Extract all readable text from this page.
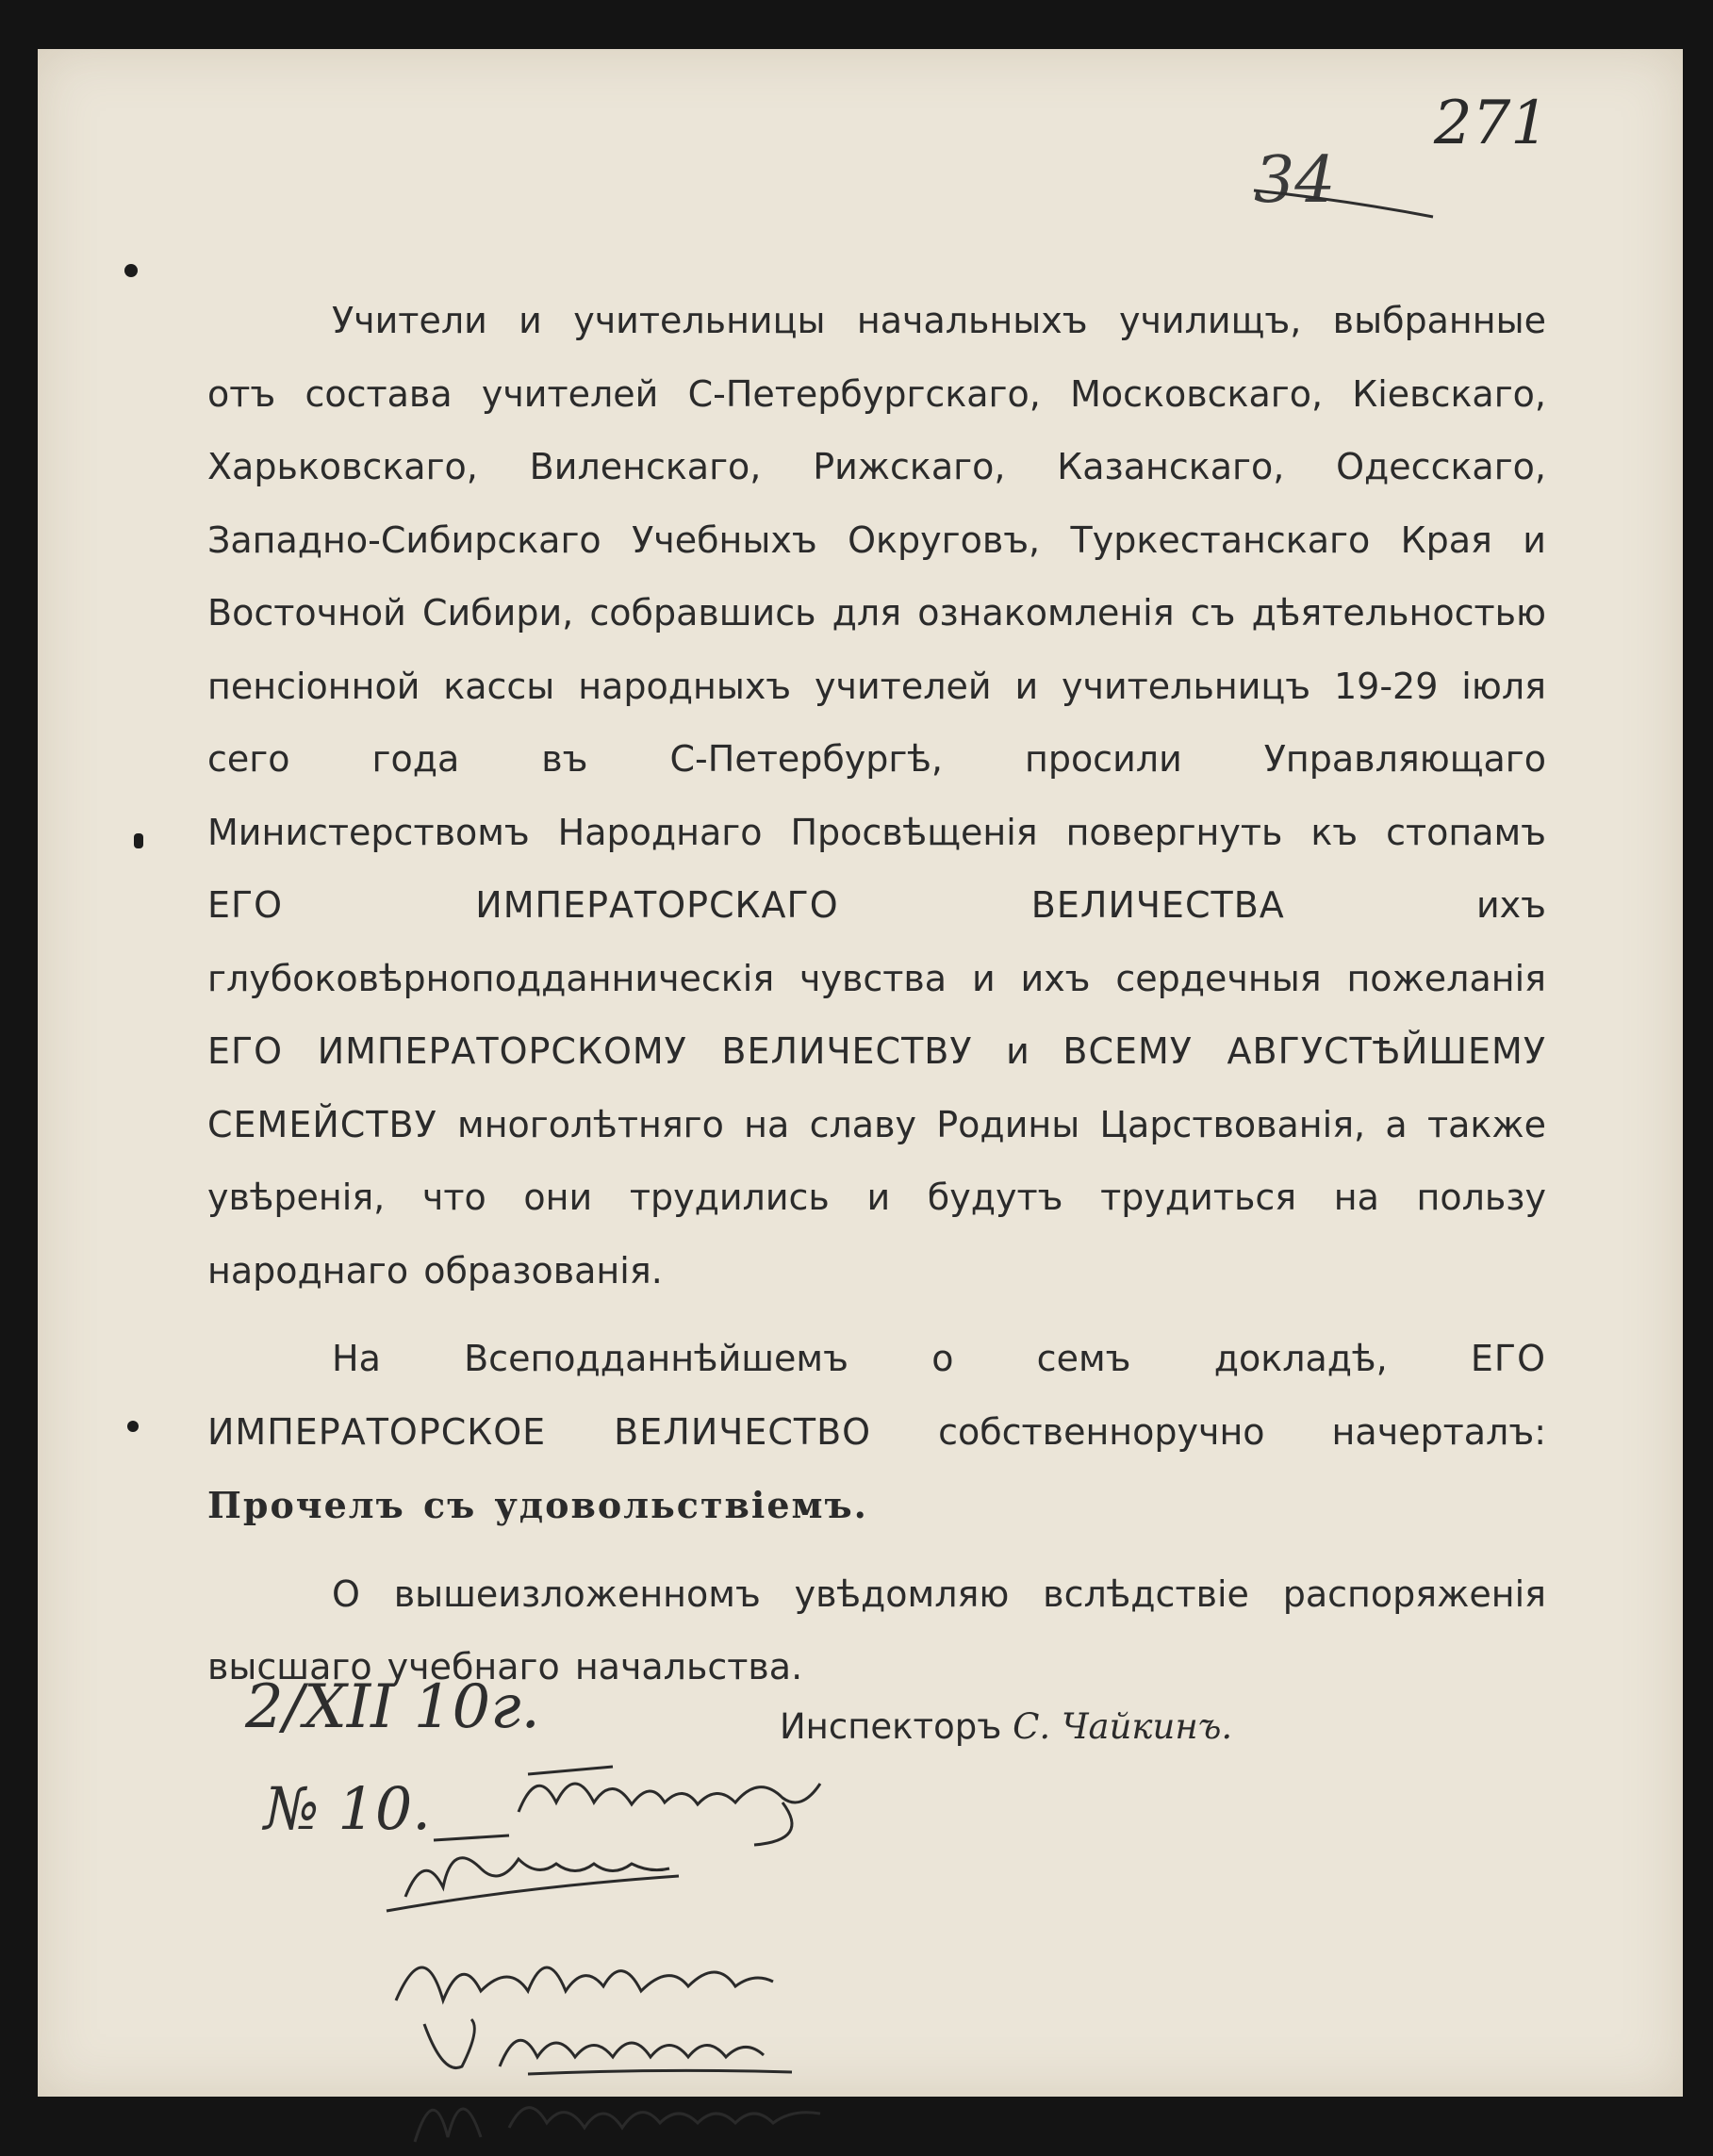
271
34

Учители и учительницы начальныхъ училищъ, выбранные отъ состава учителей С-Петербургскаго, Московскаго, Кіевскаго, Харьковскаго, Виленскаго, Рижскаго, Казанскаго, Одесскаго, Западно-Сибирскаго Учебныхъ Округовъ, Туркестанскаго Края и Восточной Сибири, собравшись для ознакомленія съ дѣятельностью пенсіонной кассы народныхъ учителей и учительницъ 19-29 іюля сего года въ С-Петербургѣ, просили Управляющаго Министерствомъ Народнаго Просвѣщенія повергнуть къ стопамъ ЕГО ИМПЕРАТОРСКАГО ВЕЛИЧЕСТВА ихъ глубоковѣрноподданническія чувства и ихъ сердечныя пожеланія ЕГО ИМПЕРАТОРСКОМУ ВЕЛИЧЕСТВУ и ВСЕМУ АВГУСТѢЙШЕМУ СЕМЕЙСТВУ многолѣтняго на славу Родины Царствованія, а также увѣренія, что они трудились и будутъ трудиться на пользу народнаго образованія.

На Всеподданнѣйшемъ о семъ докладѣ, ЕГО ИМПЕРАТОРСКОЕ ВЕЛИЧЕСТВО собственноручно начерталъ: Прочелъ съ удовольствіемъ.

О вышеизложенномъ увѣдомляю вслѣдствіе распоряженія высшаго учебнаго начальства.

2/XII 10г.
№ 10.
Инспекторъ С. Чайкинъ.
